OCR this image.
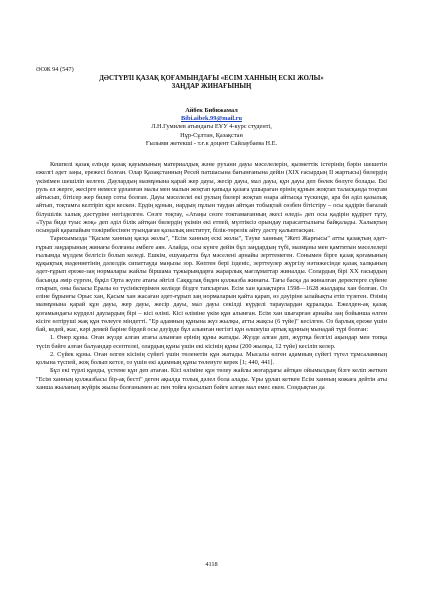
ӘОЖ 94 (547)
ДӘСТҮРЛІ ҚАЗАҚ ҚОҒАМЫНДАҒЫ «ЕСІМ ХАННЫҢ ЕСКІ ЖОЛЫ»
ЗАҢДАР ЖИНАҒЫНЫҢ
Айбек Бибижамал
Bibi.aibek.99@mail.ru
Л.Н.Гумилев атындағы ЕҰУ 4-курс студенті,
Нұр-Сұлтан, Қазақстан
Ғылыми жетекші - т.ғ.к доцент Сайлаубаева Н.Е.

Кешпелі қазақ елінде қазақ қауымының материалдық және рухани дауы мәселелерін, қызметтік істерінің бәрін шешетін ежелгі әдет заңы, ережесі болған. Олар Қазақстанның Ресей патшасына бағынғанына дейін (XIX ғасырдың II жартысы) билердің үкімімен шешіліп келген. Даулардың мазмұнына қарай жер дауы, жесір дауы, мал дауы, құн дауы деп бөлек бөлуге болады. Екі руль ел жерге, жесірге немесе ұрланған малы мен малын жоқтап қапыда қазаға ұшыраған ерінің құнын жоқтап таласқанда тоқтам айтысып, бітісер жер билер соты болған. Дауы мәселелеі екі рулың билері жоқтап өзара айтысқа түскенде, ара би әділ қазылық айтып, тоқтамға келтіріп құн кескен. Ердің құнын, нардың пұлын таудан айтқан тобықтай сөзбен бітістіру – осы қадірін бағалай білушілік халық дәстүріне негізделген. Сөзге тоқтау, «Атаңы сөзге токтамағанның әкесі өледі» деп осы қадірін құдірет тұту, «Тура биде туыс жоқ» деп әділ білік айтқан билердің үкімін екі етпей, мүлтіксіз орындау парасаттылығы байқалады. Халықтың осындай қарапайым тәжірибесінен туындаған қазылық институт, білік-төрелік айту дәстү қалыптасқан.

Тарихымызда "Қасым ханның қасқа жолы", "Есім ханның ескі жолы", Тәуке ханның "Жеті Жарғысы" атты қазақтың әдет-ғұрып заңдарының жинағы болғаны әмбеге аян. Алайда, осы күнге дейін бұл заңдардың түбі, мазмұны мен қамтитын мәселелері ғылымда мүлдем белгісіз болып келеді. Ешкім, ешуақытта бұл мәселені арнайы зерттемеген. Сонымен бірге қазақ қоғамының құқықтық мәдениетінің дәлелдік сипаттауда маңызы зор. Көптен бері ізденіс, зерттеулер жүргізу нәтижесінде қазақ халқының әдет-ғұрып ереже-заң нормалары жайлы біршама тұжырымдарға жарарлық мағлұматтар жиналды. Солардың бірі ХХ ғасырдың басында әмір сүрген, бұқіл Орта жүзге атағы әйгілі Саққұлақ биден қолжазба жинағы. Тағы басқа да жиналған деректерге сүйене отырып, оны баласы Ералы өз түсініктерімен келіеде біздге тапсырған. Есім хан қазақтарға 1598—1628 жылдары хан болған. Оз еліне бұрынғы Орыс хан, Қасым хан жасаған әдет-ғұрып заң нормаларын қайта қарап, өз дәуіріне ылайықты етіп түзеген. Өзінің мазмұнына қарай құн дауы, жер дауы, жесір дауы, мал дауы секілді күрделі тараулардан құралады. Ежелден-ақ қазақ қоғамындағы күрделі даулардың бірі – кісі өлімі. Кісі өліміне үкім құн алынған. Есім хан шығарған арнайы заң бойынша өлген кісіге өлтірушi жақ құн төлеуге міндетті. "Ер адамның құнына жүз жылқы, атты жақсы (6 түйе)" кесілген. Оз барлық ереже үшін бай, кедей, жас, кәрі демей барінe бірдей осы дәуірде бұл алынған негізгі құн өлшеуіш артық құнның мынадай түрі болған:

1. Өнер құны. Оған жүзде алған атағы алынған ерінің құны жатады. Жүзде алған деп, жүртқа белгілі ақындар мен топқа түсіп бәйге алған балуандар есептелеі, олардың құны үшін екі кісінің құны (200 жылқы, 12 түйе) кесіліп келер.

2. Сүйек құны. Оған өлген кісінің сүйегі үшін төленетін құн жатады. Мысалы өлген адамның сүйегі түгел тұмсаламның қолына түспей, жоқ болып кетсе, оз үшін екі адамның құны төленуге керек [1; 440, 441].

Бұл екі түрлі құнды, үстеме құн деп атаған. Кісі өліміне құн төлеу жайлы жоғардағы айтқан ойымыздың бізге келіп жеткен "Есім ханның қолжазбасы бір-ақ бесті" деген ақылда толық дәлел бола алады. Ұры ұрлап кеткен Есім ханның кожаға дейтін аты ханша жыланың жүйрік жылы болғанымен ас пен тойға қосылып бәйге алған мал емес екен. Сондықтан да

4118
